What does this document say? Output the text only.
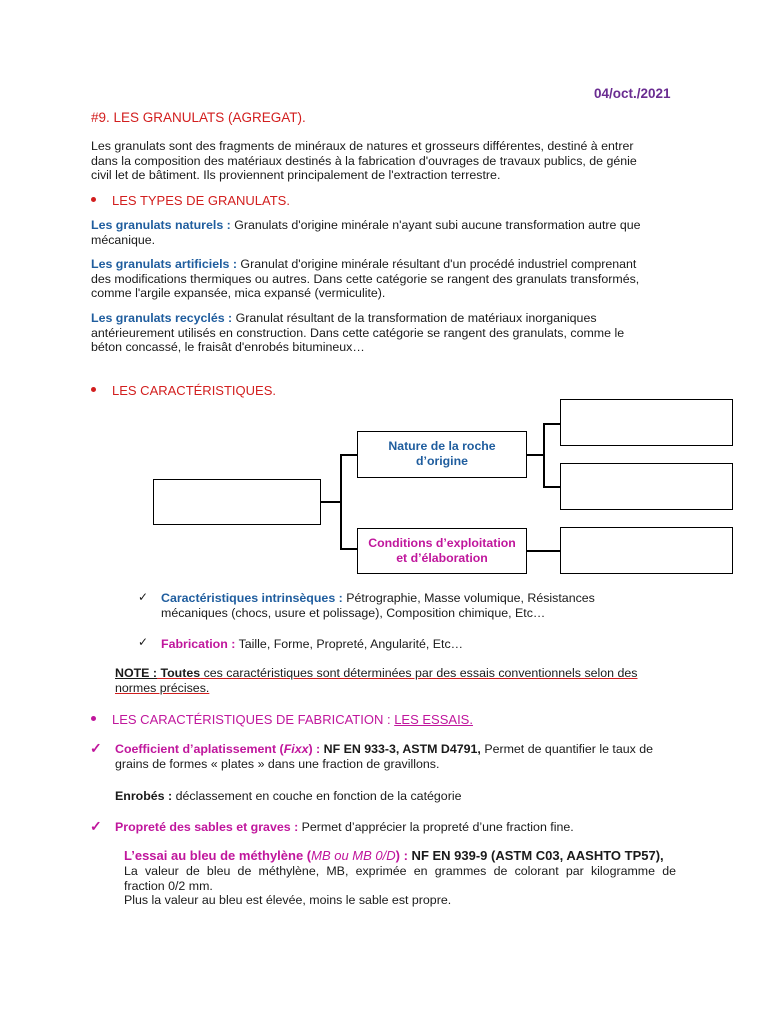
04/oct./2021
#9. LES GRANULATS (AGREGAT).
Les granulats sont des fragments de minéraux de natures et grosseurs différentes, destiné à entrer
dans la composition des matériaux destinés à la fabrication d'ouvrages de travaux publics, de génie
civil let de bâtiment. Ils proviennent principalement de l'extraction terrestre.
LES TYPES DE GRANULATS.
Les granulats naturels : Granulats d'origine minérale n'ayant subi aucune transformation autre que
mécanique.
Les granulats artificiels : Granulat d'origine minérale résultant d'un procédé industriel comprenant
des modifications thermiques ou autres. Dans cette catégorie se rangent des granulats transformés,
comme l'argile expansée, mica expansé (vermiculite).
Les granulats recyclés : Granulat résultant de la transformation de matériaux inorganiques
antérieurement utilisés en construction. Dans cette catégorie se rangent des granulats, comme le
béton concassé, le fraisât d'enrobés bitumineux…
LES CARACTÉRISTIQUES.
Nature de la roche
d’origine
Conditions d’exploitation
et d’élaboration
✓ Caractéristiques intrinsèques : Pétrographie, Masse volumique, Résistances
mécaniques (chocs, usure et polissage), Composition chimique, Etc…
✓ Fabrication : Taille, Forme, Propreté, Angularité, Etc…
NOTE : Toutes ces caractéristiques sont déterminées par des essais conventionnels selon des
normes précises.
LES CARACTÉRISTIQUES DE FABRICATION : LES ESSAIS.
✓ Coefficient d’aplatissement (Fixx) : NF EN 933-3, ASTM D4791, Permet de quantifier le taux de
grains de formes « plates » dans une fraction de gravillons.
Enrobés : déclassement en couche en fonction de la catégorie
✓ Propreté des sables et graves : Permet d’apprécier la propreté d’une fraction fine.
L’essai au bleu de méthylène (MB ou MB 0/D) : NF EN 939-9 (ASTM C03, AASHTO TP57),
La valeur de bleu de méthylène, MB, exprimée en grammes de colorant par kilogramme de
fraction 0/2 mm.
Plus la valeur au bleu est élevée, moins le sable est propre.
